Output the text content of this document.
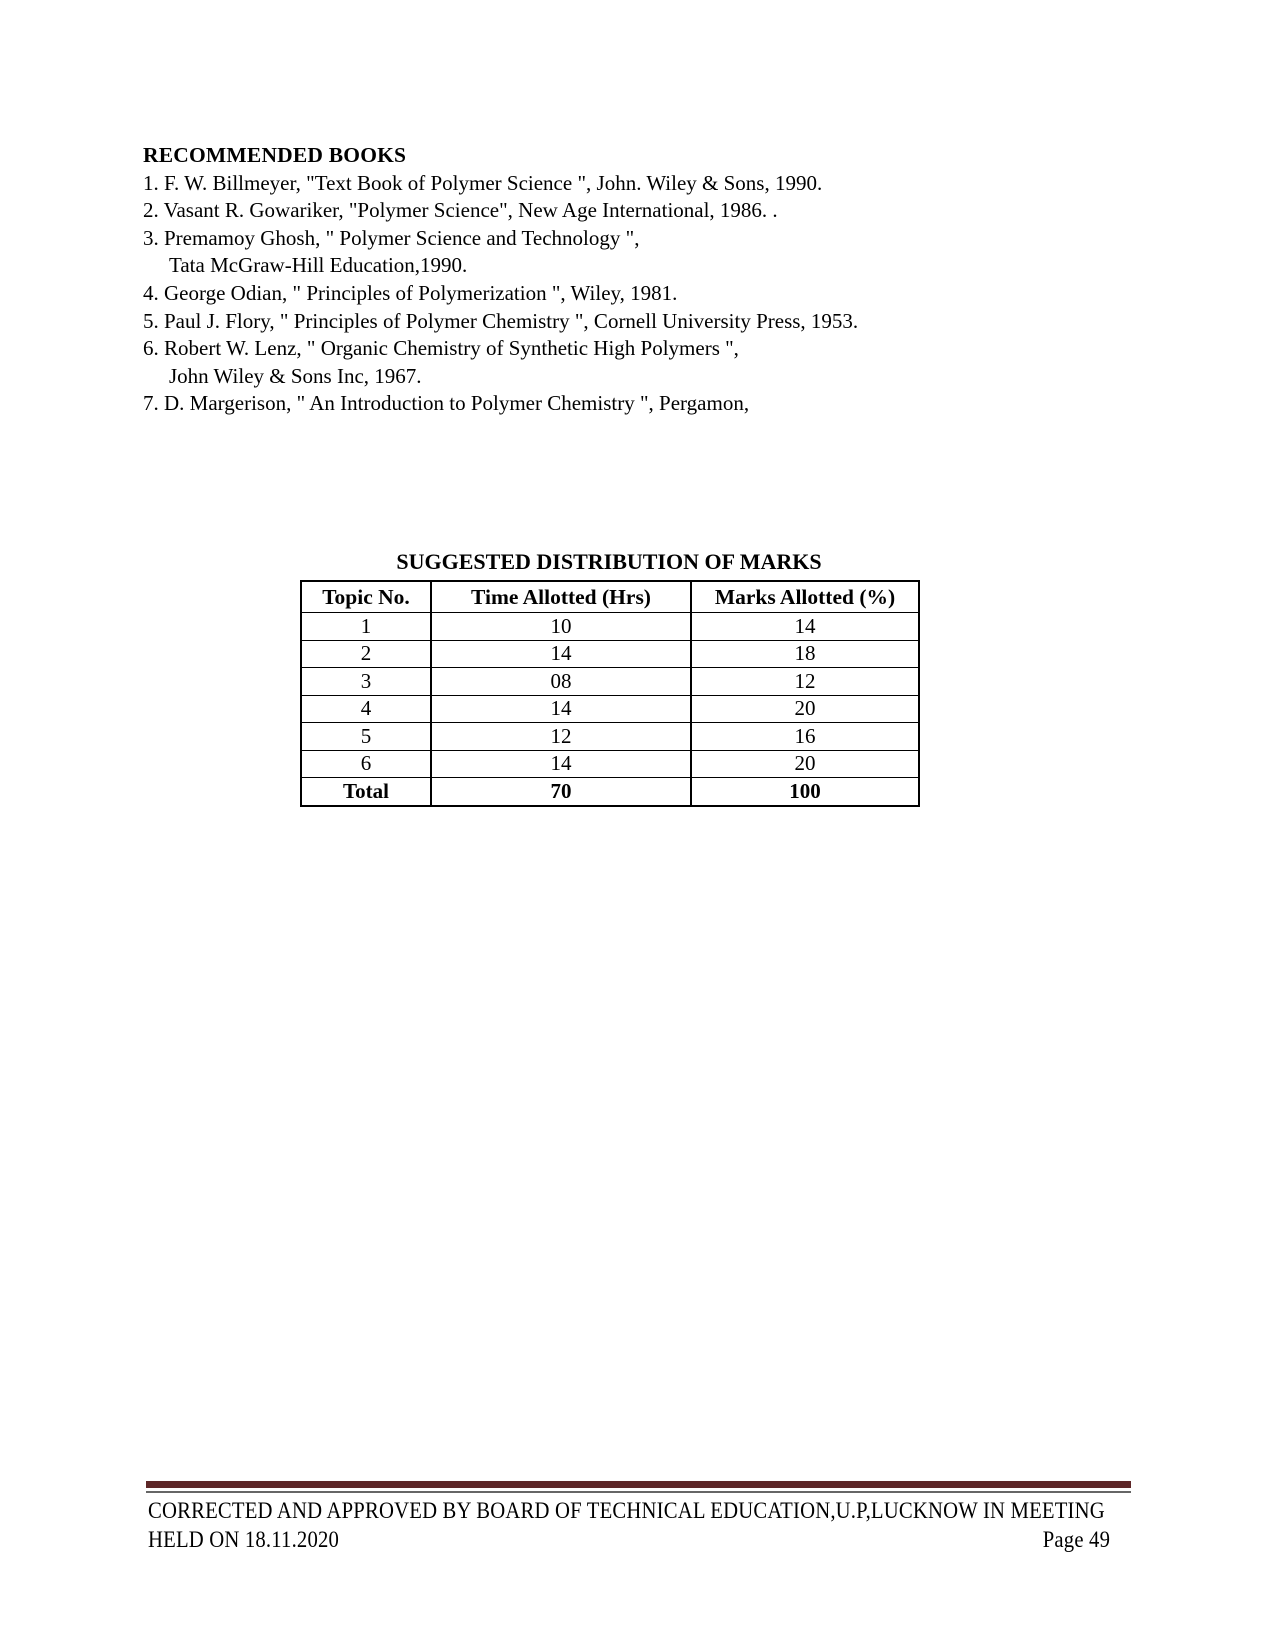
RECOMMENDED BOOKS
1. F. W. Billmeyer, "Text Book of Polymer Science ", John. Wiley & Sons, 1990.
2. Vasant R. Gowariker, "Polymer Science", New Age International, 1986. .
3. Premamoy Ghosh, " Polymer Science and Technology ",
Tata McGraw-Hill Education,1990.
4. George Odian, " Principles of Polymerization ", Wiley, 1981.
5. Paul J. Flory, " Principles of Polymer Chemistry ", Cornell University Press, 1953.
6. Robert W. Lenz, " Organic Chemistry of Synthetic High Polymers ",
John Wiley & Sons Inc, 1967.
7. D. Margerison, " An Introduction to Polymer Chemistry ", Pergamon,
SUGGESTED DISTRIBUTION OF MARKS
Topic No.	Time Allotted (Hrs)	Marks Allotted (%)
1	10	14
2	14	18
3	08	12
4	14	20
5	12	16
6	14	20
Total	70	100
CORRECTED AND APPROVED BY BOARD OF TECHNICAL EDUCATION,U.P,LUCKNOW IN MEETING
HELD ON 18.11.2020	Page 49
